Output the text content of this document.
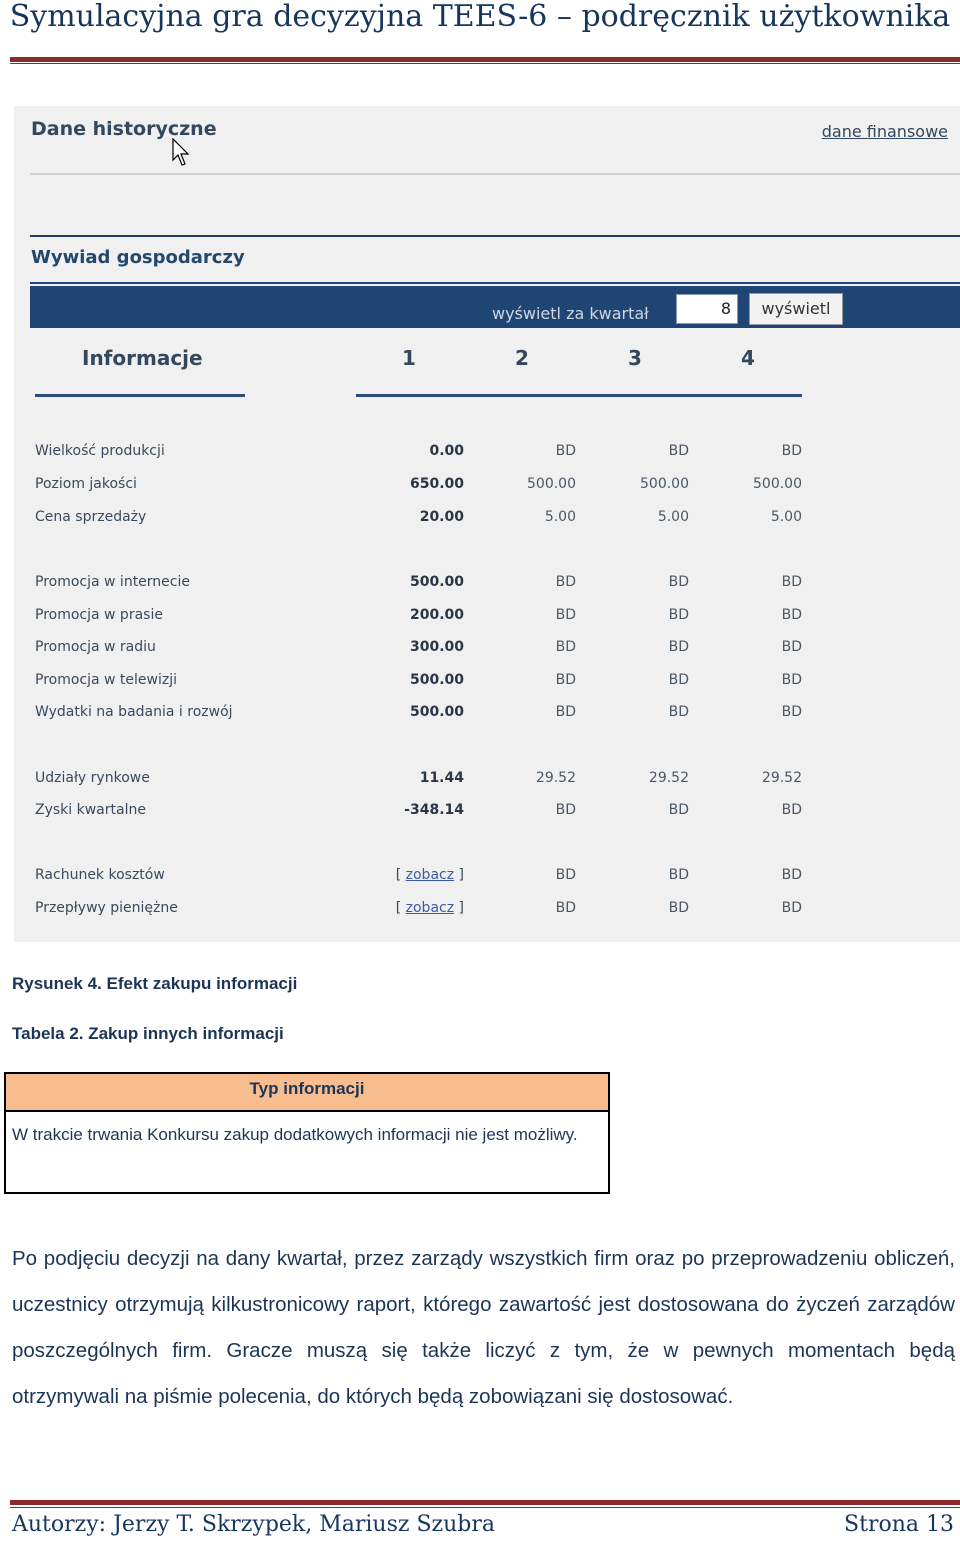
Symulacyjna gra decyzyjna TEES-6 – podręcznik użytkownika
Dane historyczne	dane finansowe
Wywiad gospodarczy
wyświetl za kwartał	8	wyświetl
Informacje	1	2	3	4
Wielkość produkcji	0.00	BD	BD	BD
Poziom jakości	650.00	500.00	500.00	500.00
Cena sprzedaży	20.00	5.00	5.00	5.00
Promocja w internecie	500.00	BD	BD	BD
Promocja w prasie	200.00	BD	BD	BD
Promocja w radiu	300.00	BD	BD	BD
Promocja w telewizji	500.00	BD	BD	BD
Wydatki na badania i rozwój	500.00	BD	BD	BD
Udziały rynkowe	11.44	29.52	29.52	29.52
Zyski kwartalne	-348.14	BD	BD	BD
Rachunek kosztów	[ zobacz ]	BD	BD	BD
Przepływy pieniężne	[ zobacz ]	BD	BD	BD
Rysunek 4. Efekt zakupu informacji
Tabela 2. Zakup innych informacji
Typ informacji
W trakcie trwania Konkursu zakup dodatkowych informacji nie jest możliwy.
Po podjęciu decyzji na dany kwartał, przez zarządy wszystkich firm oraz po przeprowadzeniu obliczeń, uczestnicy otrzymują kilkustronicowy raport, którego zawartość jest dostosowana do życzeń zarządów poszczególnych firm. Gracze muszą się także liczyć z tym, że w pewnych momentach będą otrzymywali na piśmie polecenia, do których będą zobowiązani się dostosować.
Autorzy: Jerzy T. Skrzypek, Mariusz Szubra	Strona 13
